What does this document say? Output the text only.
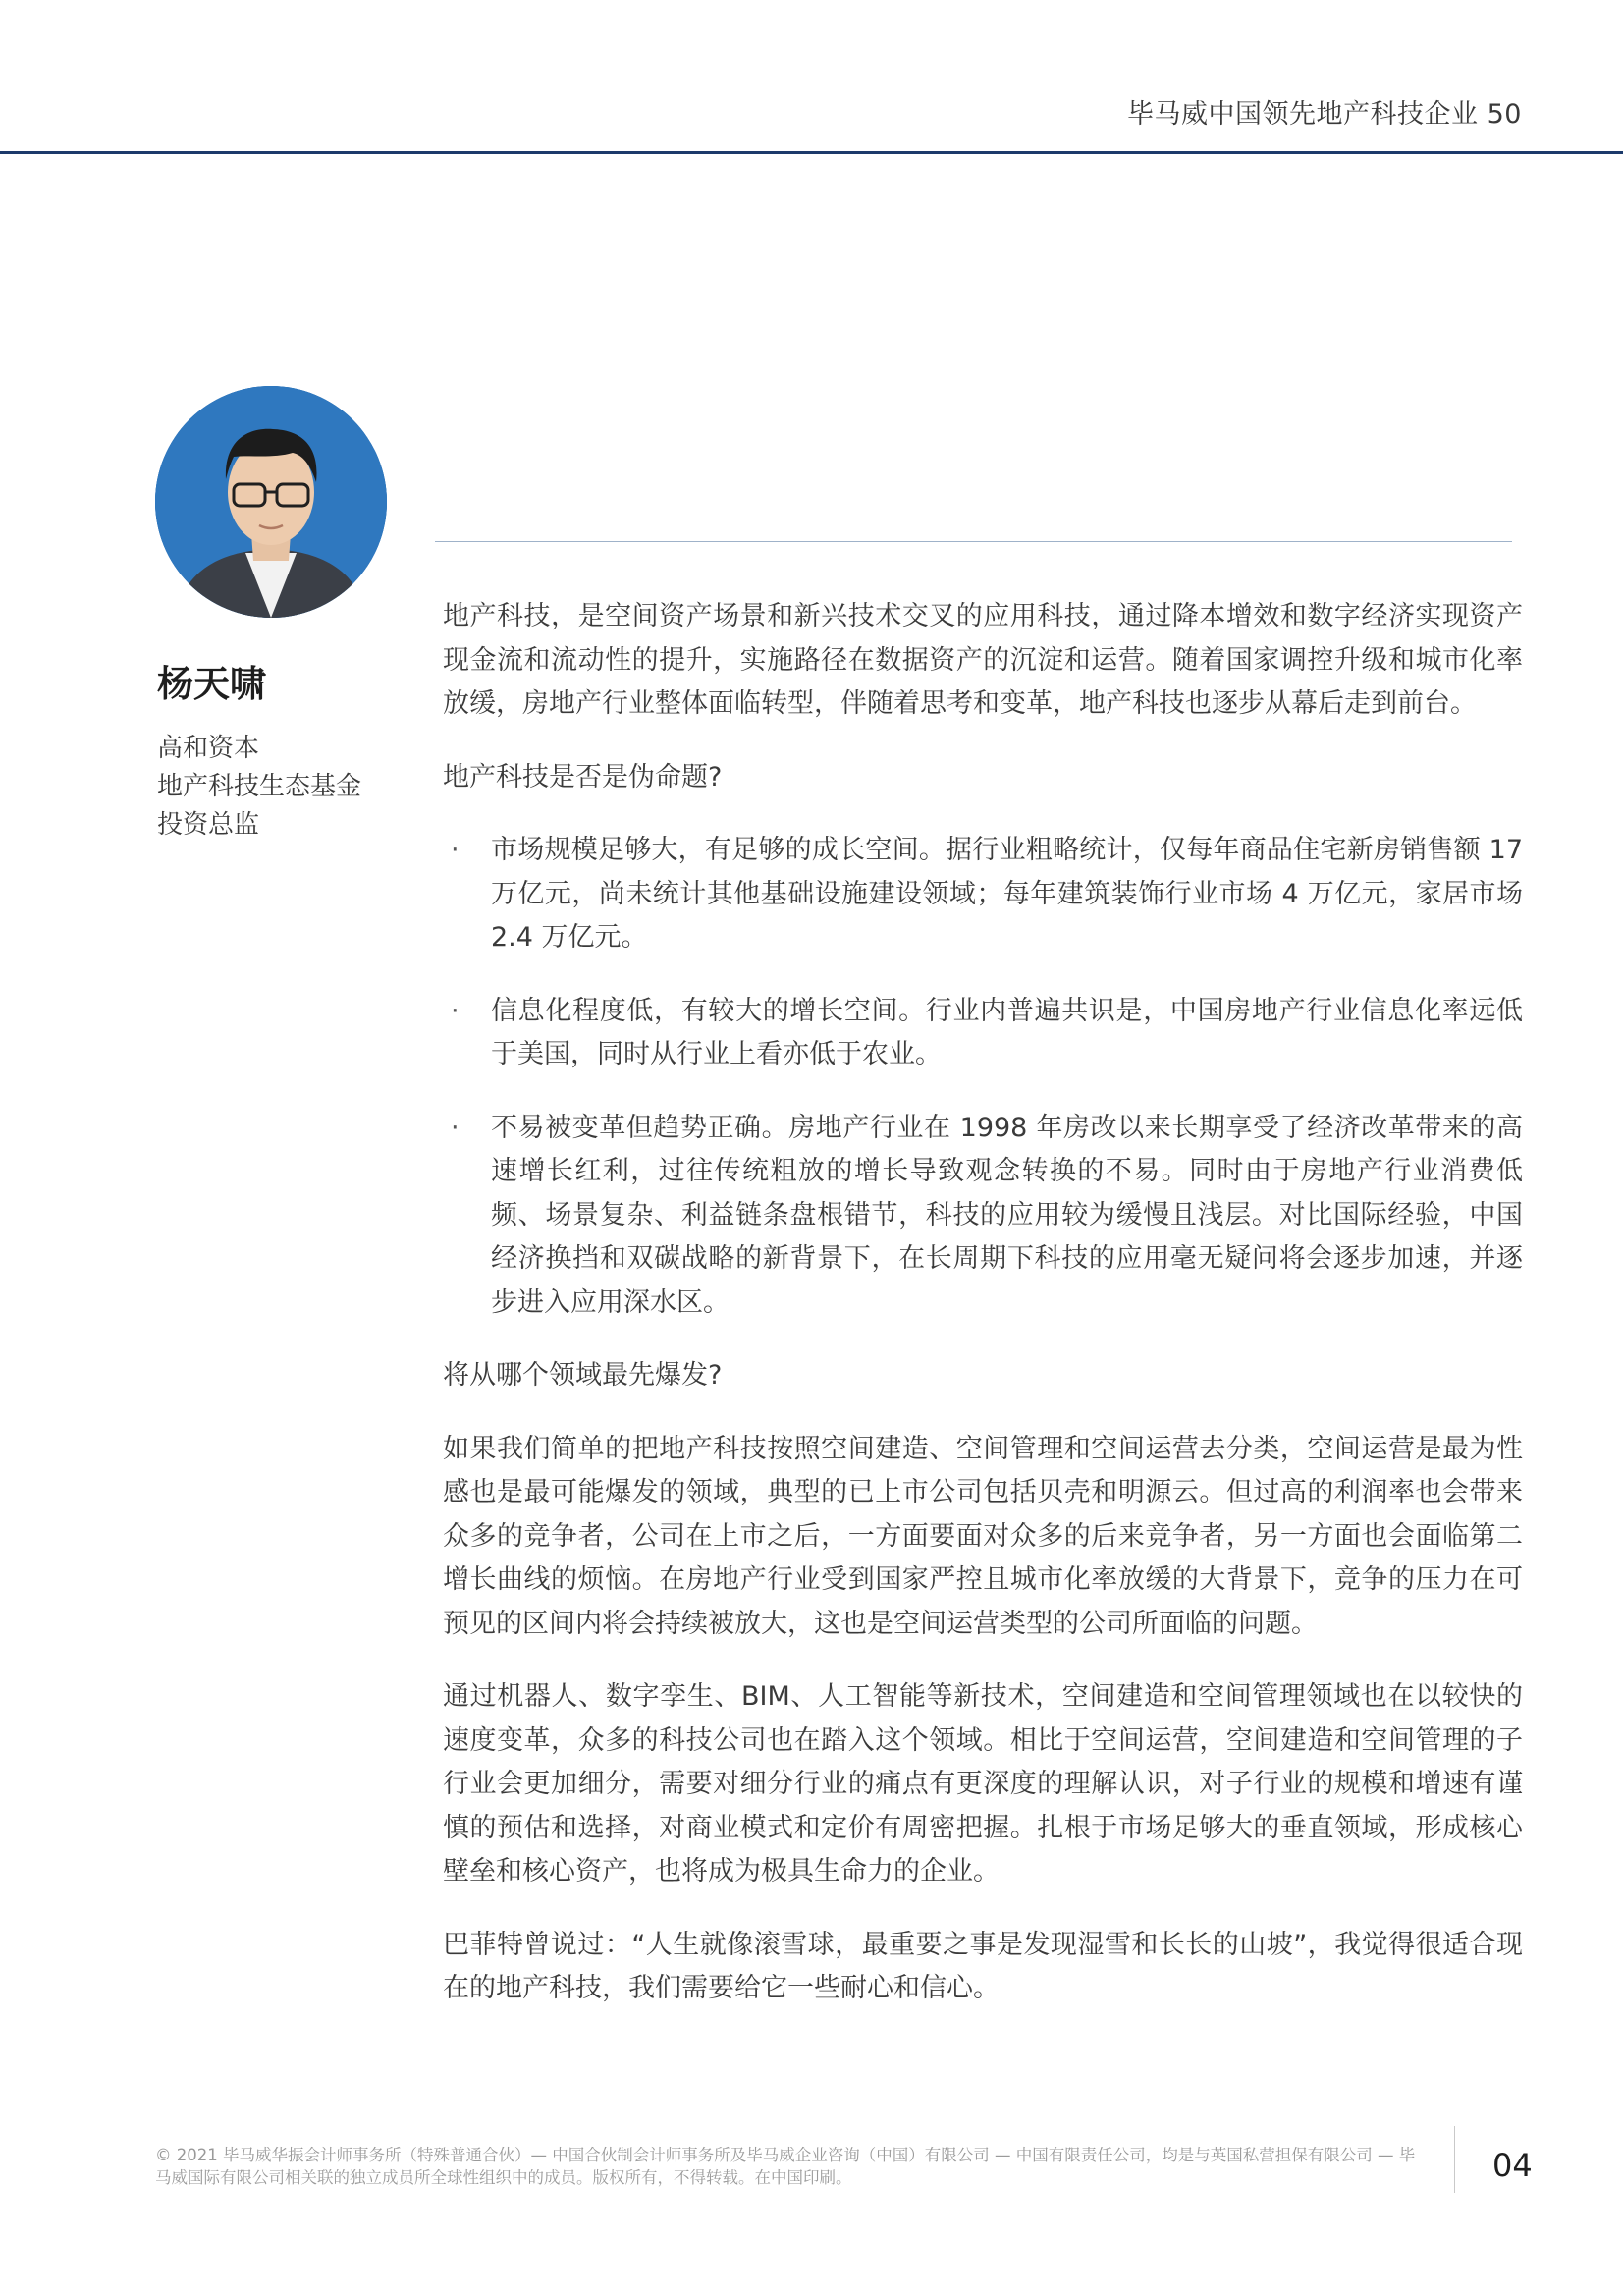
毕马威中国领先地产科技企业 50
杨天啸
高和资本
地产科技生态基金
投资总监

地产科技，是空间资产场景和新兴技术交叉的应用科技，通过降本增效和数字经济实现资产现金流和流动性的提升，实施路径在数据资产的沉淀和运营。随着国家调控升级和城市化率放缓，房地产行业整体面临转型，伴随着思考和变革，地产科技也逐步从幕后走到前台。

地产科技是否是伪命题?

· 市场规模足够大，有足够的成长空间。据行业粗略统计，仅每年商品住宅新房销售额 17 万亿元，尚未统计其他基础设施建设领域；每年建筑装饰行业市场 4 万亿元，家居市场 2.4 万亿元。
· 信息化程度低，有较大的增长空间。行业内普遍共识是，中国房地产行业信息化率远低于美国，同时从行业上看亦低于农业。
· 不易被变革但趋势正确。房地产行业在 1998 年房改以来长期享受了经济改革带来的高速增长红利，过往传统粗放的增长导致观念转换的不易。同时由于房地产行业消费低频、场景复杂、利益链条盘根错节，科技的应用较为缓慢且浅层。对比国际经验，中国经济换挡和双碳战略的新背景下，在长周期下科技的应用毫无疑问将会逐步加速，并逐步进入应用深水区。

将从哪个领域最先爆发?

如果我们简单的把地产科技按照空间建造、空间管理和空间运营去分类，空间运营是最为性感也是最可能爆发的领域，典型的已上市公司包括贝壳和明源云。但过高的利润率也会带来众多的竞争者，公司在上市之后，一方面要面对众多的后来竞争者，另一方面也会面临第二增长曲线的烦恼。在房地产行业受到国家严控且城市化率放缓的大背景下，竞争的压力在可预见的区间内将会持续被放大，这也是空间运营类型的公司所面临的问题。

通过机器人、数字孪生、BIM、人工智能等新技术，空间建造和空间管理领域也在以较快的速度变革，众多的科技公司也在踏入这个领域。相比于空间运营，空间建造和空间管理的子行业会更加细分，需要对细分行业的痛点有更深度的理解认识，对子行业的规模和增速有谨慎的预估和选择，对商业模式和定价有周密把握。扎根于市场足够大的垂直领域，形成核心壁垒和核心资产，也将成为极具生命力的企业。

巴菲特曾说过：“人生就像滚雪球，最重要之事是发现湿雪和长长的山坡”，我觉得很适合现在的地产科技，我们需要给它一些耐心和信心。

© 2021 毕马威华振会计师事务所（特殊普通合伙）— 中国合伙制会计师事务所及毕马威企业咨询（中国）有限公司 — 中国有限责任公司，均是与英国私营担保有限公司 — 毕马威国际有限公司相关联的独立成员所全球性组织中的成员。版权所有，不得转载。在中国印刷。	04
